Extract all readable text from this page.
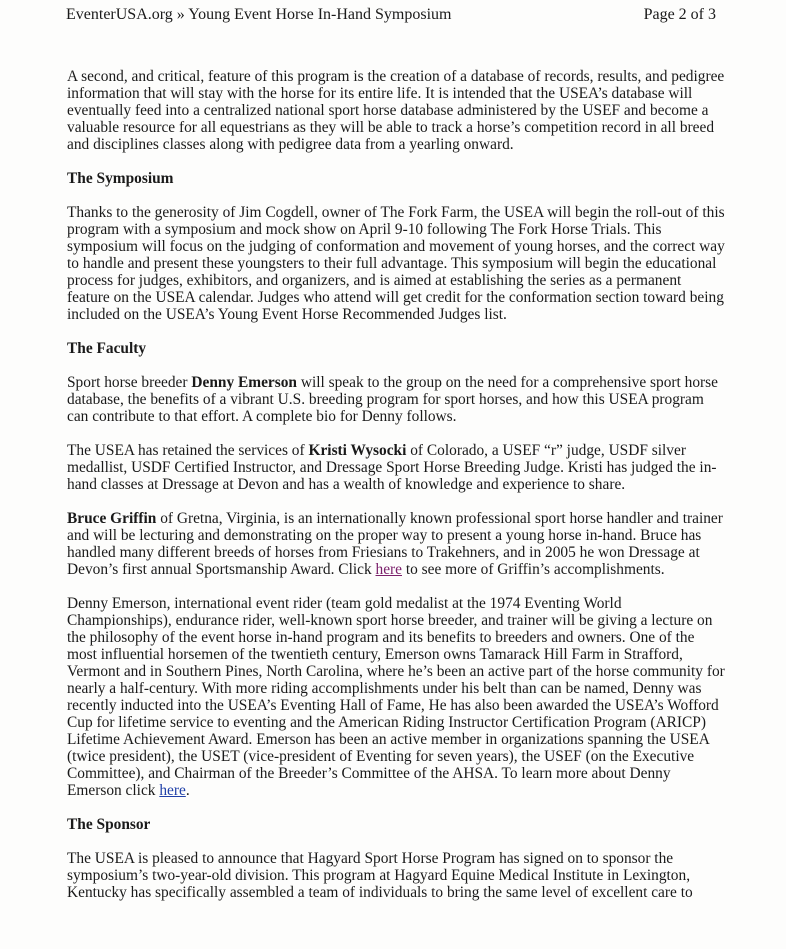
EventerUSA.org » Young Event Horse In-Hand Symposium	Page 2 of 3

A second, and critical, feature of this program is the creation of a database of records, results, and pedigree information that will stay with the horse for its entire life. It is intended that the USEA’s database will eventually feed into a centralized national sport horse database administered by the USEF and become a valuable resource for all equestrians as they will be able to track a horse’s competition record in all breed and disciplines classes along with pedigree data from a yearling onward.

The Symposium

Thanks to the generosity of Jim Cogdell, owner of The Fork Farm, the USEA will begin the roll-out of this program with a symposium and mock show on April 9-10 following The Fork Horse Trials. This symposium will focus on the judging of conformation and movement of young horses, and the correct way to handle and present these youngsters to their full advantage. This symposium will begin the educational process for judges, exhibitors, and organizers, and is aimed at establishing the series as a permanent feature on the USEA calendar. Judges who attend will get credit for the conformation section toward being included on the USEA’s Young Event Horse Recommended Judges list.

The Faculty

Sport horse breeder Denny Emerson will speak to the group on the need for a comprehensive sport horse database, the benefits of a vibrant U.S. breeding program for sport horses, and how this USEA program can contribute to that effort. A complete bio for Denny follows.

The USEA has retained the services of Kristi Wysocki of Colorado, a USEF “r” judge, USDF silver medallist, USDF Certified Instructor, and Dressage Sport Horse Breeding Judge. Kristi has judged the in-hand classes at Dressage at Devon and has a wealth of knowledge and experience to share.

Bruce Griffin of Gretna, Virginia, is an internationally known professional sport horse handler and trainer and will be lecturing and demonstrating on the proper way to present a young horse in-hand. Bruce has handled many different breeds of horses from Friesians to Trakehners, and in 2005 he won Dressage at Devon’s first annual Sportsmanship Award. Click here to see more of Griffin’s accomplishments.

Denny Emerson, international event rider (team gold medalist at the 1974 Eventing World Championships), endurance rider, well-known sport horse breeder, and trainer will be giving a lecture on the philosophy of the event horse in-hand program and its benefits to breeders and owners. One of the most influential horsemen of the twentieth century, Emerson owns Tamarack Hill Farm in Strafford, Vermont and in Southern Pines, North Carolina, where he’s been an active part of the horse community for nearly a half-century. With more riding accomplishments under his belt than can be named, Denny was recently inducted into the USEA’s Eventing Hall of Fame, He has also been awarded the USEA’s Wofford Cup for lifetime service to eventing and the American Riding Instructor Certification Program (ARICP) Lifetime Achievement Award. Emerson has been an active member in organizations spanning the USEA (twice president), the USET (vice-president of Eventing for seven years), the USEF (on the Executive Committee), and Chairman of the Breeder’s Committee of the AHSA. To learn more about Denny Emerson click here.

The Sponsor

The USEA is pleased to announce that Hagyard Sport Horse Program has signed on to sponsor the symposium’s two-year-old division. This program at Hagyard Equine Medical Institute in Lexington, Kentucky has specifically assembled a team of individuals to bring the same level of excellent care to
